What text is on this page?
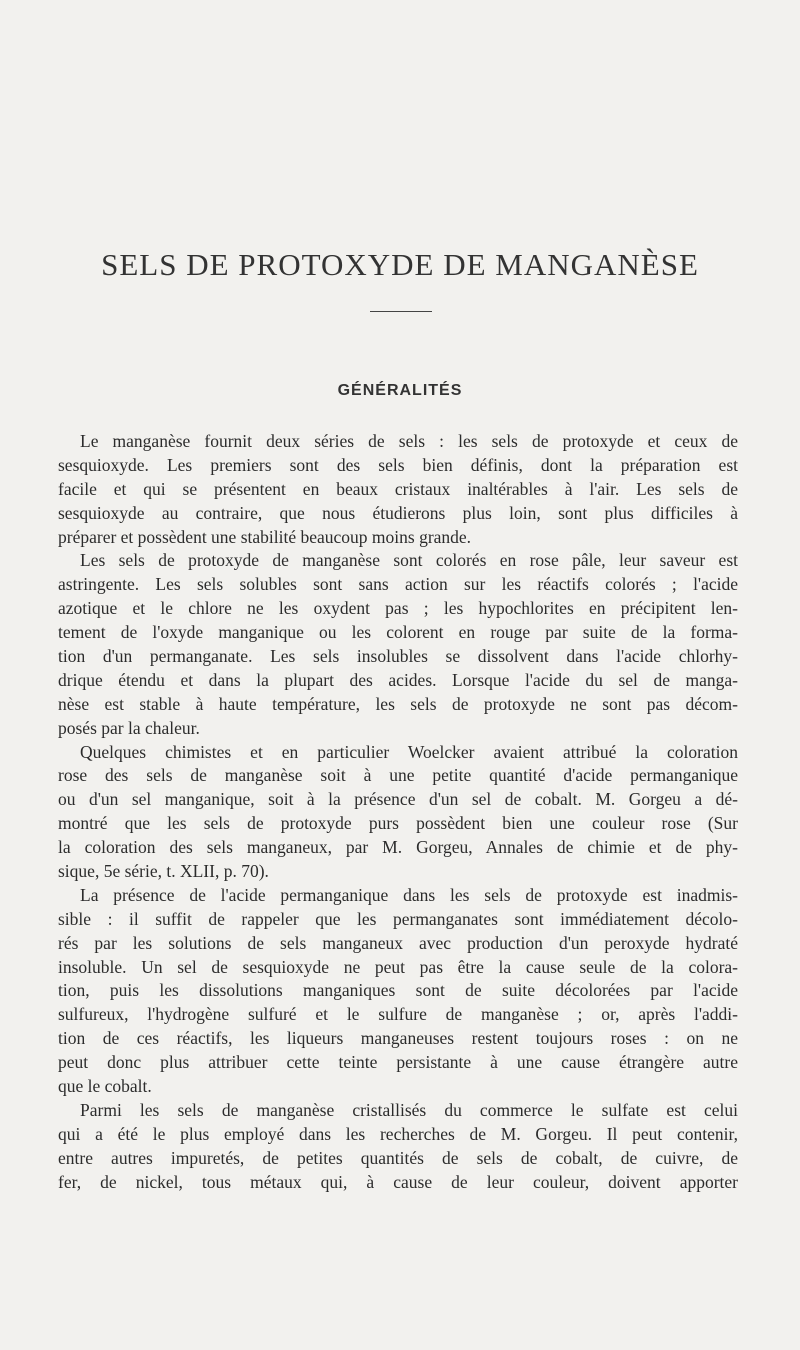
SELS DE PROTOXYDE DE MANGANÈSE
GÉNÉRALITÉS
Le manganèse fournit deux séries de sels : les sels de protoxyde et ceux de
sesquioxyde. Les premiers sont des sels bien définis, dont la préparation est
facile et qui se présentent en beaux cristaux inaltérables à l'air. Les sels de
sesquioxyde au contraire, que nous étudierons plus loin, sont plus difficiles à
préparer et possèdent une stabilité beaucoup moins grande.
Les sels de protoxyde de manganèse sont colorés en rose pâle, leur saveur est
astringente. Les sels solubles sont sans action sur les réactifs colorés ; l'acide
azotique et le chlore ne les oxydent pas ; les hypochlorites en précipitent len-
tement de l'oxyde manganique ou les colorent en rouge par suite de la forma-
tion d'un permanganate. Les sels insolubles se dissolvent dans l'acide chlorhy-
drique étendu et dans la plupart des acides. Lorsque l'acide du sel de manga-
nèse est stable à haute température, les sels de protoxyde ne sont pas décom-
posés par la chaleur.
Quelques chimistes et en particulier Woelcker avaient attribué la coloration
rose des sels de manganèse soit à une petite quantité d'acide permanganique
ou d'un sel manganique, soit à la présence d'un sel de cobalt. M. Gorgeu a dé-
montré que les sels de protoxyde purs possèdent bien une couleur rose (Sur
la coloration des sels manganeux, par M. Gorgeu, Annales de chimie et de phy-
sique, 5e série, t. XLII, p. 70).
La présence de l'acide permanganique dans les sels de protoxyde est inadmis-
sible : il suffit de rappeler que les permanganates sont immédiatement décolo-
rés par les solutions de sels manganeux avec production d'un peroxyde hydraté
insoluble. Un sel de sesquioxyde ne peut pas être la cause seule de la colora-
tion, puis les dissolutions manganiques sont de suite décolorées par l'acide
sulfureux, l'hydrogène sulfuré et le sulfure de manganèse ; or, après l'addi-
tion de ces réactifs, les liqueurs manganeuses restent toujours roses : on ne
peut donc plus attribuer cette teinte persistante à une cause étrangère autre
que le cobalt.
Parmi les sels de manganèse cristallisés du commerce le sulfate est celui
qui a été le plus employé dans les recherches de M. Gorgeu. Il peut contenir,
entre autres impuretés, de petites quantités de sels de cobalt, de cuivre, de
fer, de nickel, tous métaux qui, à cause de leur couleur, doivent apporter
